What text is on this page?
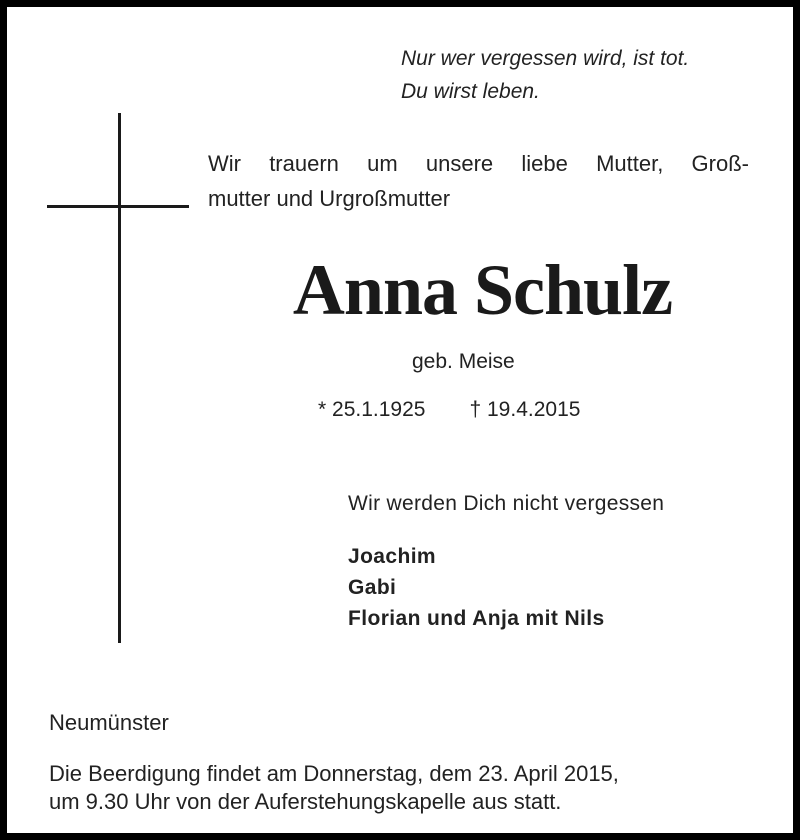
Nur wer vergessen wird, ist tot.
Du wirst leben.
Wir trauern um unsere liebe Mutter, Groß-
mutter und Urgroßmutter
Anna Schulz
geb. Meise
* 25.1.1925 † 19.4.2015
Wir werden Dich nicht vergessen
Joachim
Gabi
Florian und Anja mit Nils
Neumünster
Die Beerdigung findet am Donnerstag, dem 23. April 2015,
um 9.30 Uhr von der Auferstehungskapelle aus statt.
